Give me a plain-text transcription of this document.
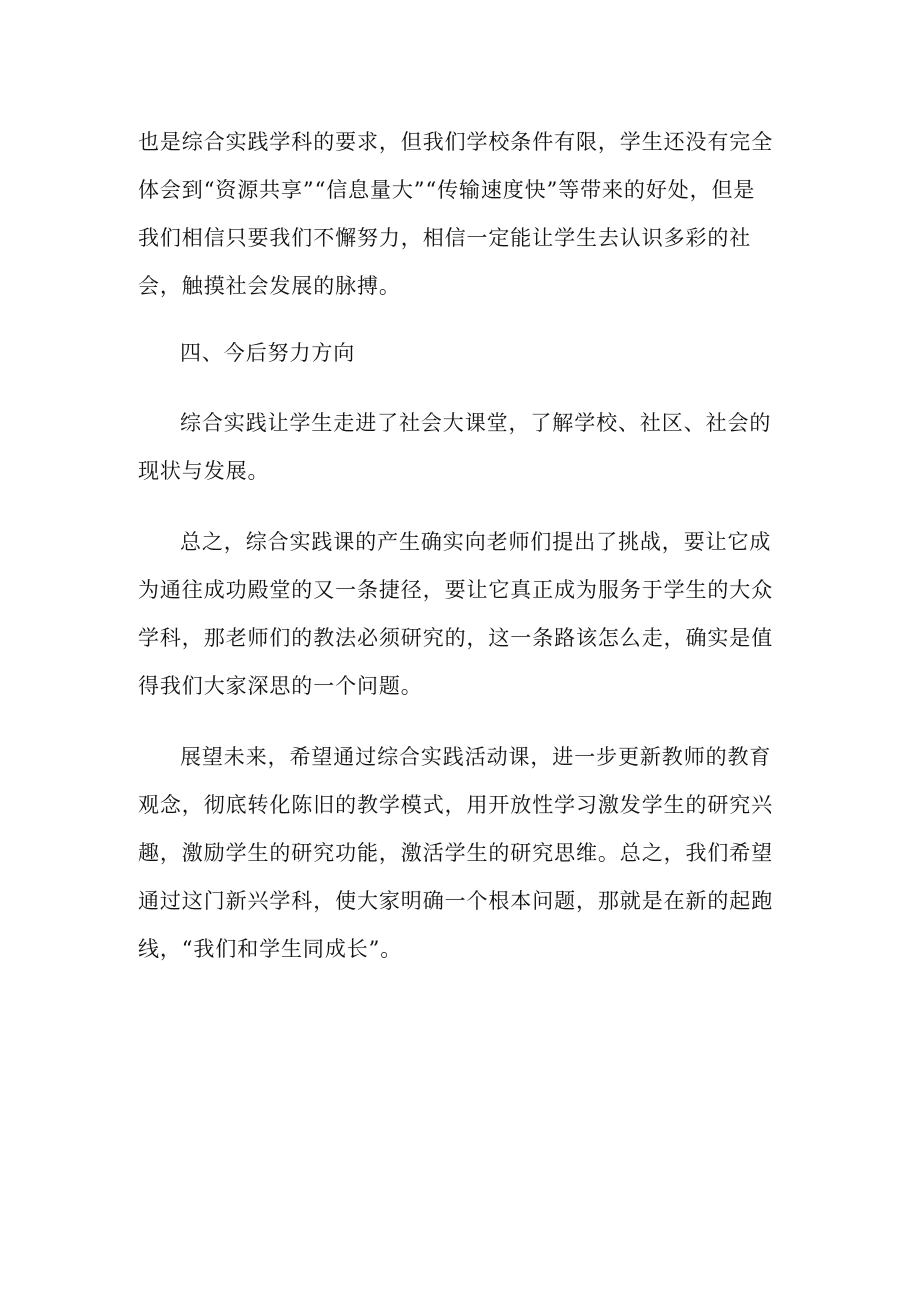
也是综合实践学科的要求，但我们学校条件有限，学生还没有完全体会到“资源共享”“信息量大”“传输速度快”等带来的好处，但是我们相信只要我们不懈努力，相信一定能让学生去认识多彩的社会，触摸社会发展的脉搏。

四、今后努力方向

综合实践让学生走进了社会大课堂，了解学校、社区、社会的现状与发展。

总之，综合实践课的产生确实向老师们提出了挑战，要让它成为通往成功殿堂的又一条捷径，要让它真正成为服务于学生的大众学科，那老师们的教法必须研究的，这一条路该怎么走，确实是值得我们大家深思的一个问题。

展望未来，希望通过综合实践活动课，进一步更新教师的教育观念，彻底转化陈旧的教学模式，用开放性学习激发学生的研究兴趣，激励学生的研究功能，激活学生的研究思维。总之，我们希望通过这门新兴学科，使大家明确一个根本问题，那就是在新的起跑线，“我们和学生同成长”。
